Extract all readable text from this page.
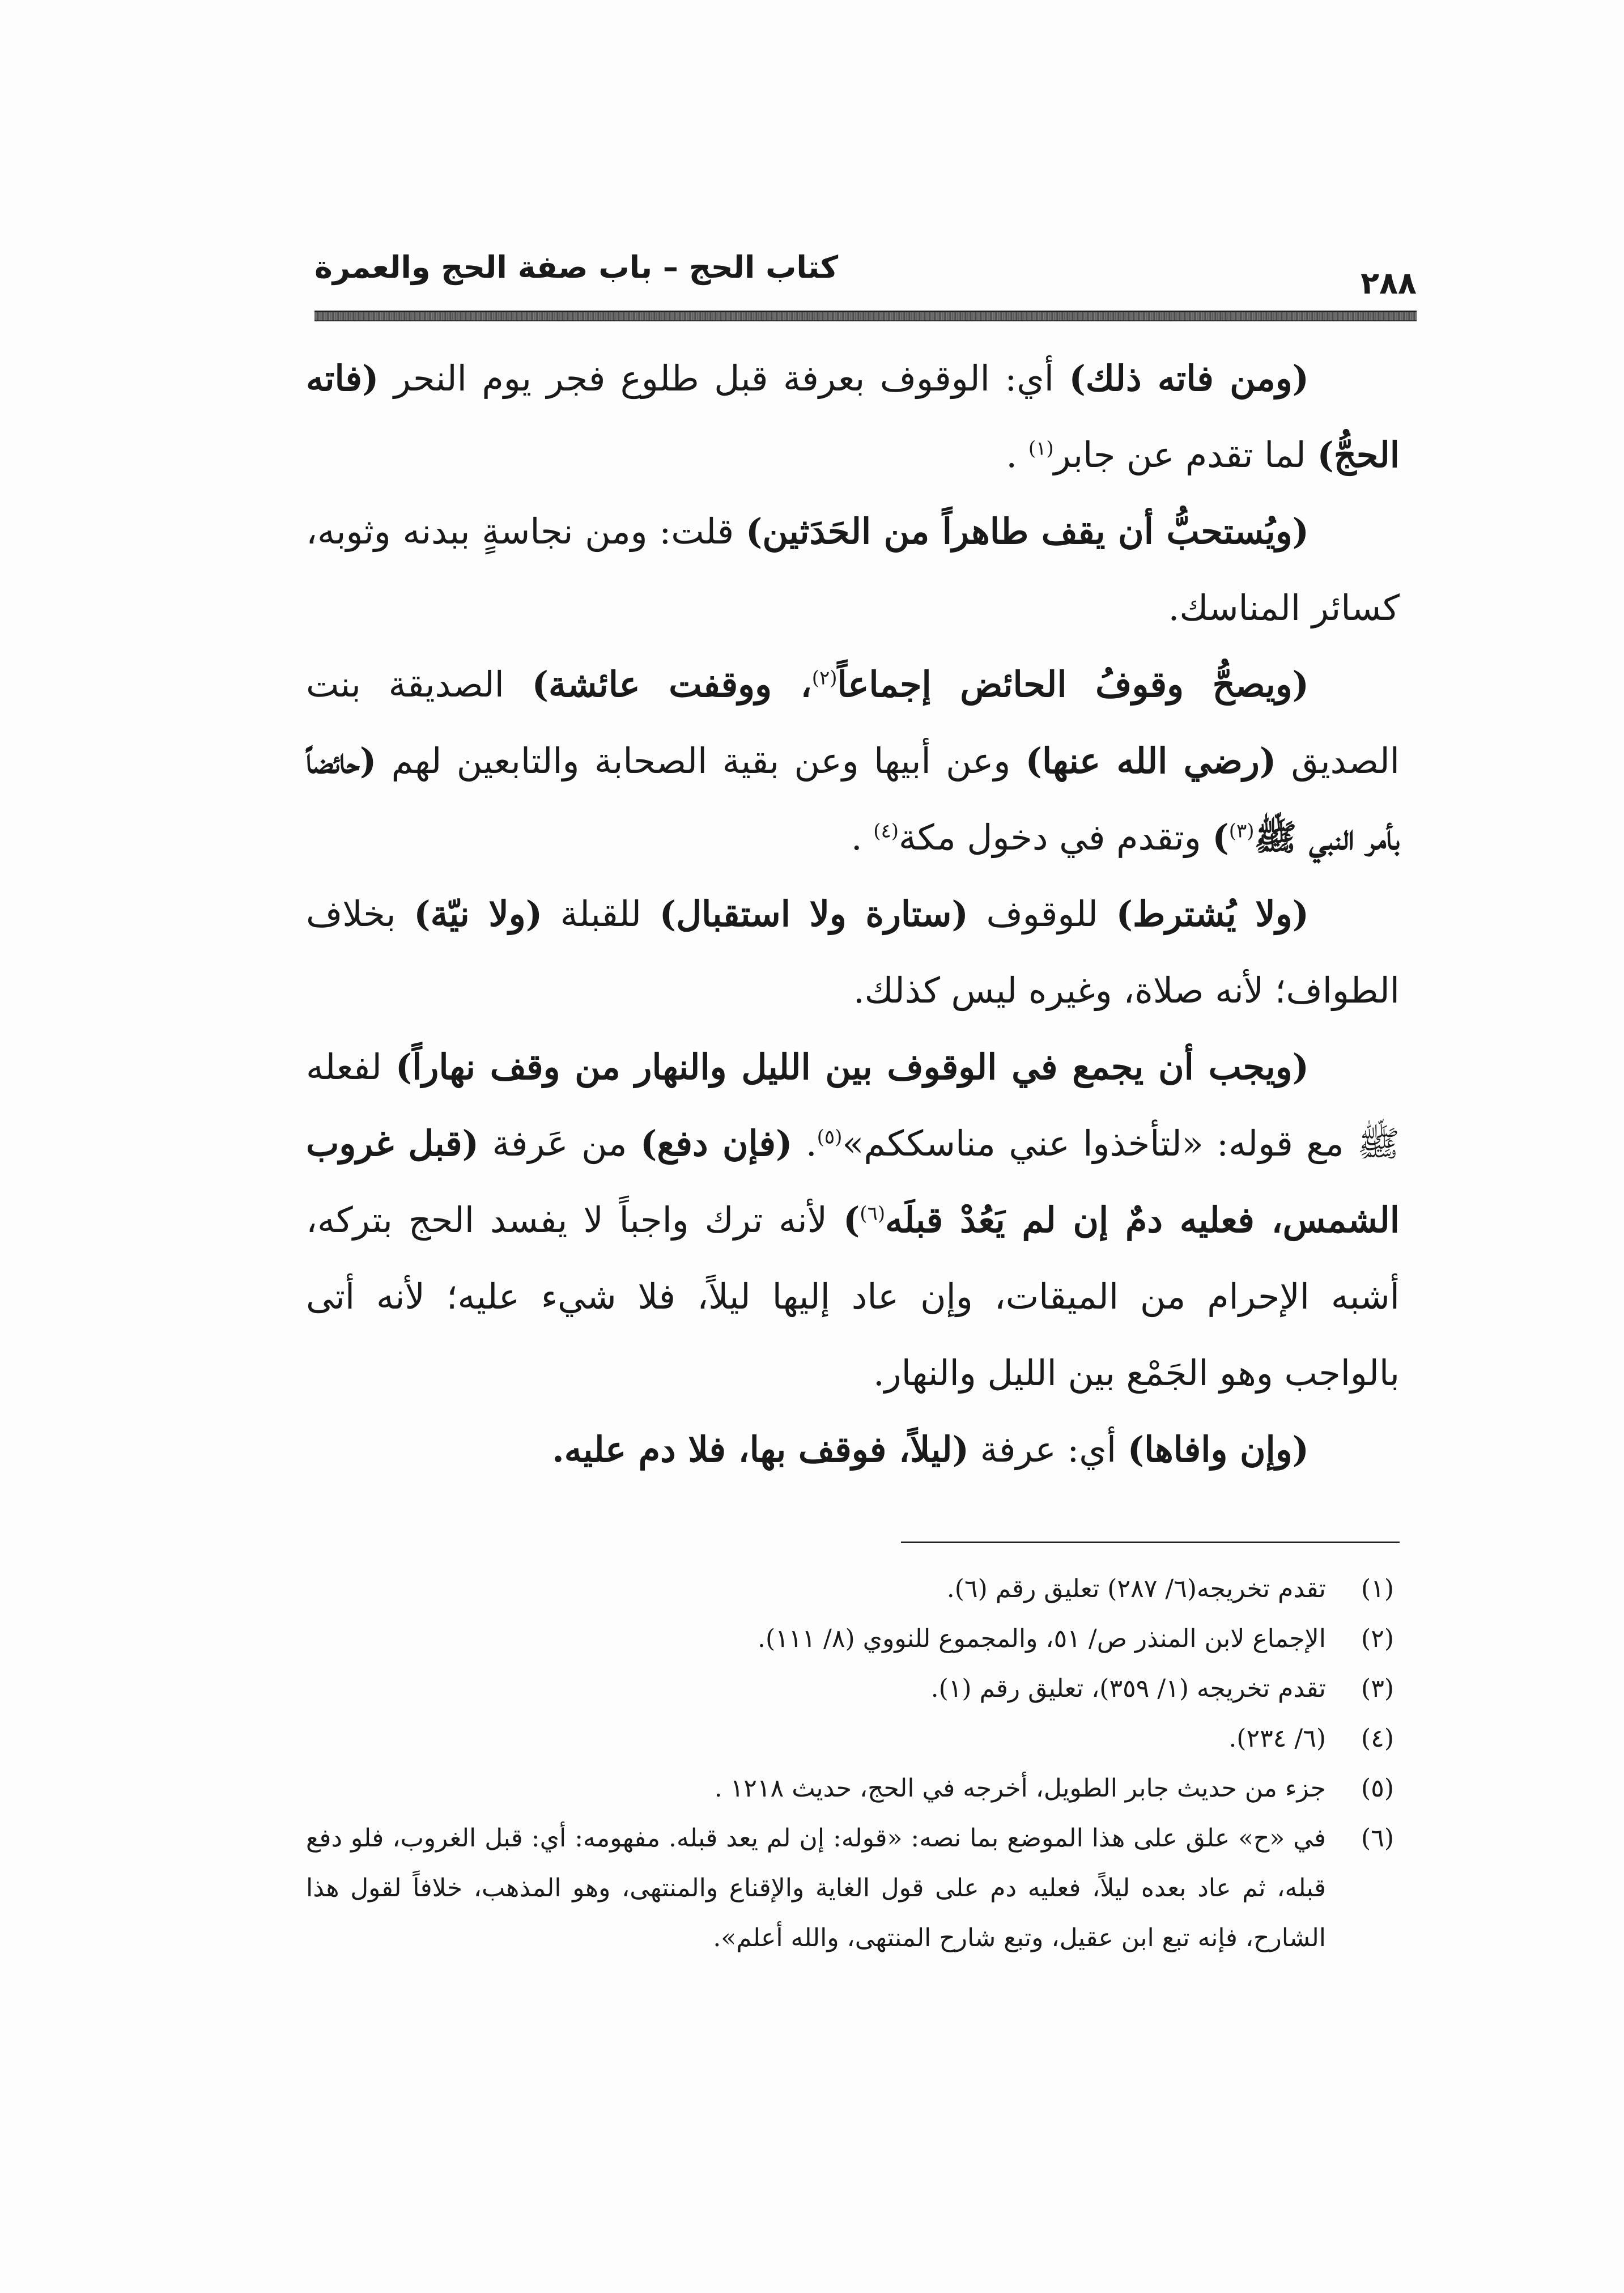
٢٨٨
كتاب الحج – باب صفة الحج والعمرة

(ومن فاته ذلك) أي: الوقوف بعرفة قبل طلوع فجر يوم النحر (فاته الحجُّ) لما تقدم عن جابر$^{(١)}$ .

(ويُستحبُّ أن يقف طاهراً من الحَدَثين) قلت: ومن نجاسةٍ ببدنه وثوبه، كسائر المناسك.

(ويصحُّ وقوفُ الحائض إجماعاً$^{(٢)}$، ووقفت عائشة) الصديقة بنت الصديق (رضي الله عنها) وعن أبيها وعن بقية الصحابة والتابعين لهم (حائضاً بأمر النبي ﷺ$^{(٣)}$) وتقدم في دخول مكة$^{(٤)}$ .

(ولا يُشترط) للوقوف (ستارة ولا استقبال) للقبلة (ولا نيّة) بخلاف الطواف؛ لأنه صلاة، وغيره ليس كذلك.

(ويجب أن يجمع في الوقوف بين الليل والنهار من وقف نهاراً) لفعله ﷺ مع قوله: «لتأخذوا عني مناسككم»$^{(٥)}$. (فإن دفع) من عَرفة (قبل غروب الشمس، فعليه دمٌ إن لم يَعُدْ قبلَه$^{(٦)}$) لأنه ترك واجباً لا يفسد الحج بتركه، أشبه الإحرام من الميقات، وإن عاد إليها ليلاً، فلا شيء عليه؛ لأنه أتى بالواجب وهو الجَمْع بين الليل والنهار.

(وإن وافاها) أي: عرفة (ليلاً، فوقف بها، فلا دم عليه.

(١)
تقدم تخريجه(٦/ ٢٨٧) تعليق رقم (٦).

(٢)
الإجماع لابن المنذر ص/ ٥١، والمجموع للنووي (٨/ ١١١).

(٣)
تقدم تخريجه (١/ ٣٥٩)، تعليق رقم (١).

(٤)
(٦/ ٢٣٤).

(٥)
جزء من حديث جابر الطويل، أخرجه في الحج، حديث ١٢١٨ .

(٦)
في «ح» علق على هذا الموضع بما نصه: «قوله: إن لم يعد قبله. مفهومه: أي: قبل الغروب، فلو دفع قبله، ثم عاد بعده ليلاً، فعليه دم على قول الغاية والإقناع والمنتهى، وهو المذهب، خلافاً لقول هذا الشارح، فإنه تبع ابن عقيل، وتبع شارح المنتهى، والله أعلم».
